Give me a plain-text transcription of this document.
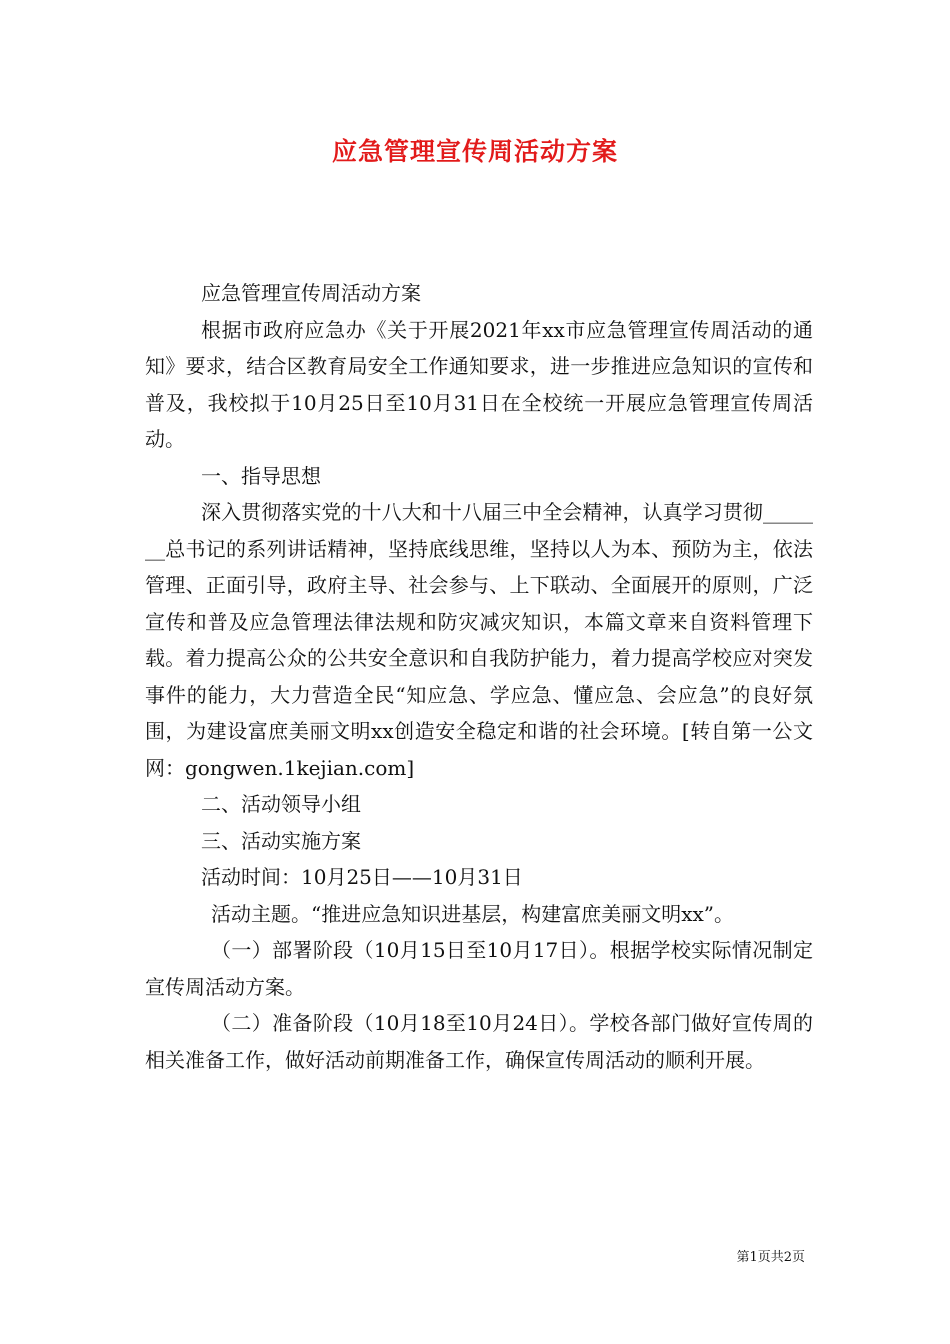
应急管理宣传周活动方案

应急管理宣传周活动方案

根据市政府应急办《关于开展2021年xx市应急管理宣传周活动的通知》要求，结合区教育局安全工作通知要求，进一步推进应急知识的宣传和普及，我校拟于10月25日至10月31日在全校统一开展应急管理宣传周活动。

一、指导思想

深入贯彻落实党的十八大和十八届三中全会精神，认真学习贯彻_______总书记的系列讲话精神，坚持底线思维，坚持以人为本、预防为主，依法管理、正面引导，政府主导、社会参与、上下联动、全面展开的原则，广泛宣传和普及应急管理法律法规和防灾减灾知识，本篇文章来自资料管理下载。着力提高公众的公共安全意识和自我防护能力，着力提高学校应对突发事件的能力，大力营造全民“知应急、学应急、懂应急、会应急”的良好氛围，为建设富庶美丽文明xx创造安全稳定和谐的社会环境。[转自第一公文网：gongwen.1kejian.com]

二、活动领导小组

三、活动实施方案

活动时间：10月25日——10月31日

活动主题。“推进应急知识进基层，构建富庶美丽文明xx”。

（一）部署阶段（10月15日至10月17日）。根据学校实际情况制定宣传周活动方案。

（二）准备阶段（10月18至10月24日）。学校各部门做好宣传周的相关准备工作，做好活动前期准备工作，确保宣传周活动的顺利开展。

第1页共2页
